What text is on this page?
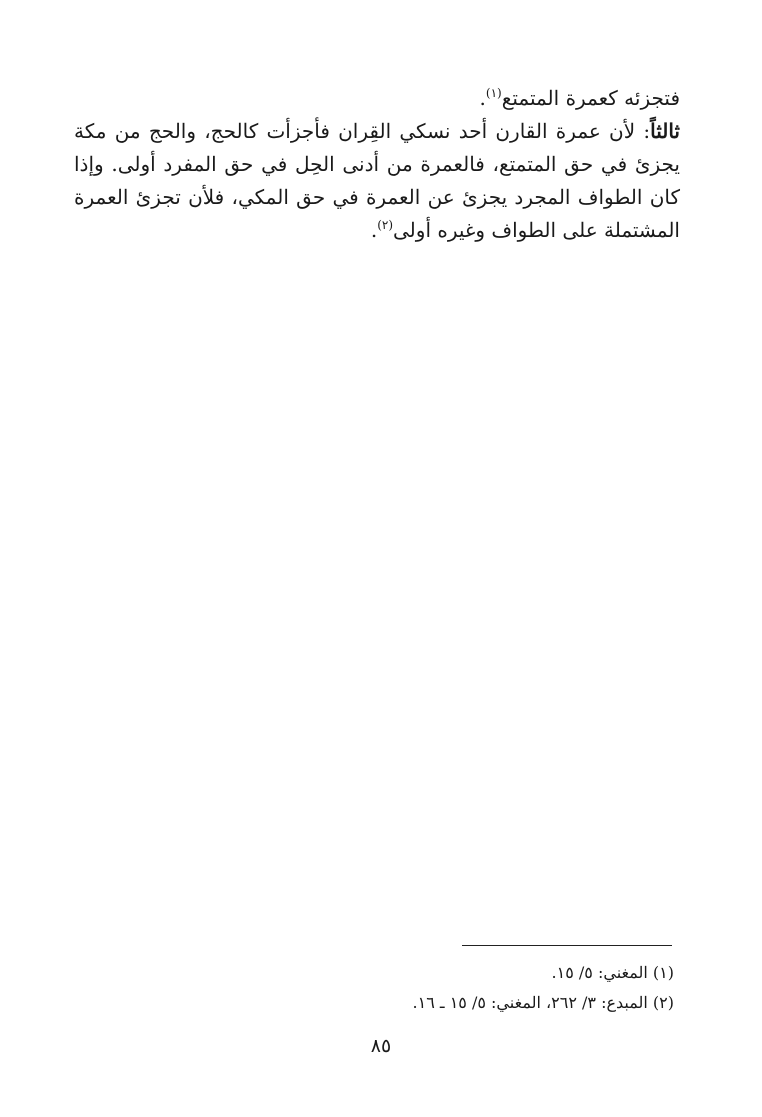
فتجزئه كعمرة المتمتع$^{(١)}$.

ثالثاً: لأن عمرة القارن أحد نسكي القِران فأجزأت كالحج، والحج من مكة يجزئ في حق المتمتع، فالعمرة من أدنى الحِل في حق المفرد أولى. وإذا كان الطواف المجرد يجزئ عن العمرة في حق المكي، فلأن تجزئ العمرة المشتملة على الطواف وغيره أولى$^{(٢)}$.

(١) المغني: ٥/ ١٥.

(٢) المبدع: ٣/ ٢٦٢، المغني: ٥/ ١٥ ـ ١٦.

٨٥
